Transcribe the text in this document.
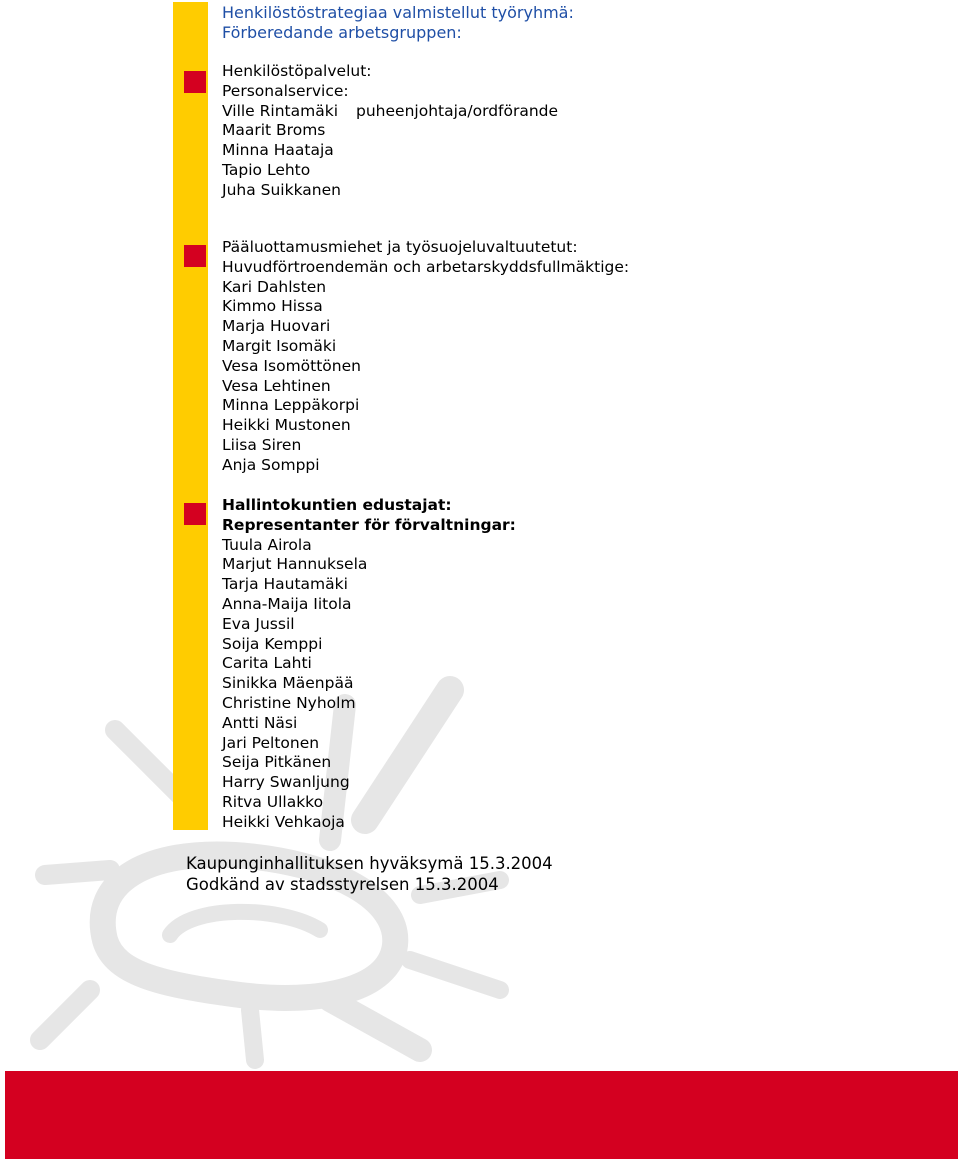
Henkilöstöstrategiaa valmistellut työryhmä:
Förberedande arbetsgruppen:
Henkilöstöpalvelut:
Personalservice:
Ville Rintamäki puheenjohtaja/ordförande
Maarit Broms
Minna Haataja
Tapio Lehto
Juha Suikkanen
Pääluottamusmiehet ja työsuojeluvaltuutetut:
Huvudförtroendemän och arbetarskyddsfullmäktige:
Kari Dahlsten
Kimmo Hissa
Marja Huovari
Margit Isomäki
Vesa Isomöttönen
Vesa Lehtinen
Minna Leppäkorpi
Heikki Mustonen
Liisa Siren
Anja Somppi
Hallintokuntien edustajat:
Representanter för förvaltningar:
Tuula Airola
Marjut Hannuksela
Tarja Hautamäki
Anna-Maija Iitola
Eva Jussil
Soija Kemppi
Carita Lahti
Sinikka Mäenpää
Christine Nyholm
Antti Näsi
Jari Peltonen
Seija Pitkänen
Harry Swanljung
Ritva Ullakko
Heikki Vehkaoja
Kaupunginhallituksen hyväksymä 15.3.2004
Godkänd av stadsstyrelsen 15.3.2004
